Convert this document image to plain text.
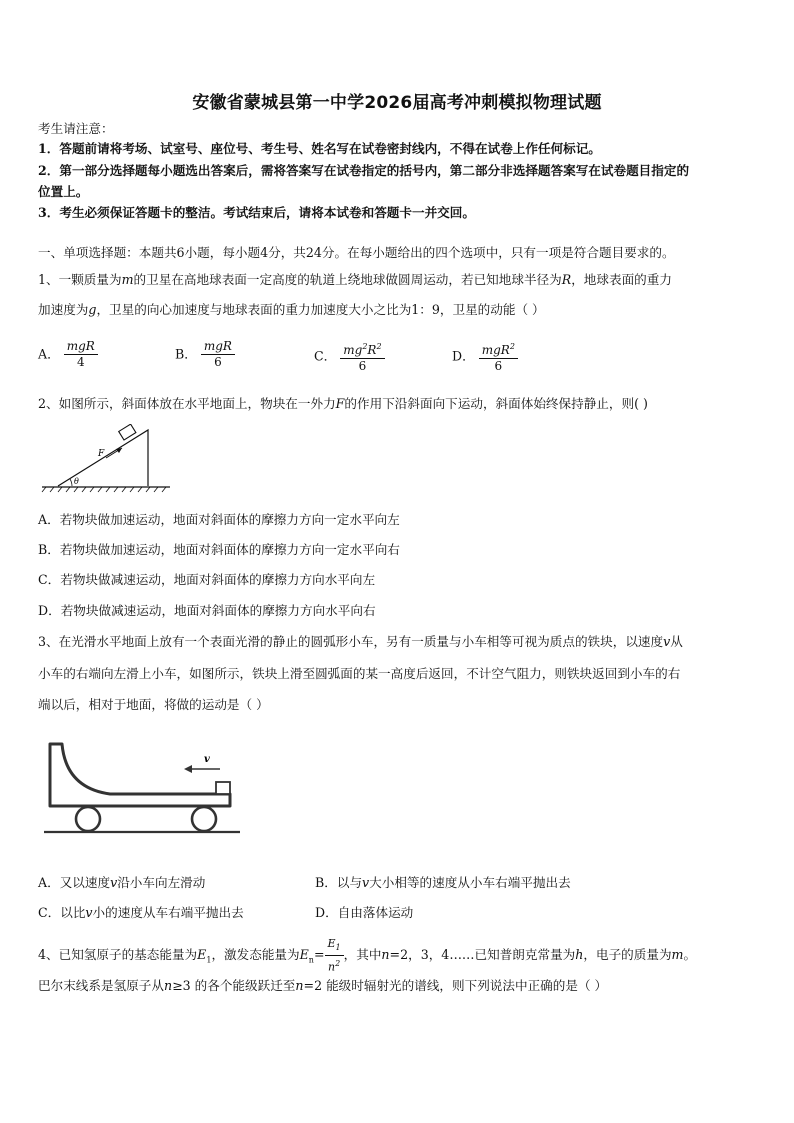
安徽省蒙城县第一中学2026届高考冲刺模拟物理试题
考生请注意：
1．答题前请将考场、试室号、座位号、考生号、姓名写在试卷密封线内，不得在试卷上作任何标记。
2．第一部分选择题每小题选出答案后，需将答案写在试卷指定的括号内，第二部分非选择题答案写在试卷题目指定的
位置上。
3．考生必须保证答题卡的整洁。考试结束后，请将本试卷和答题卡一并交回。
一、单项选择题：本题共6小题，每小题4分，共24分。在每小题给出的四个选项中，只有一项是符合题目要求的。
1、一颗质量为m的卫星在高地球表面一定高度的轨道上绕地球做圆周运动，若已知地球半径为R，地球表面的重力
加速度为g，卫星的向心加速度与地球表面的重力加速度大小之比为1：9，卫星的动能（ ）
A． $\frac{\text{mgR}}{4}$	B． $\frac{\text{mgR}}{6}$	C． $\frac{mg^2R^2}{6}$	D． $\frac{mgR^2}{6}$
2、如图所示，斜面体放在水平地面上，物块在一外力F的作用下沿斜面向下运动，斜面体始终保持静止，则( )
F
θ
A．若物块做加速运动，地面对斜面体的摩擦力方向一定水平向左
B．若物块做加速运动，地面对斜面体的摩擦力方向一定水平向右
C．若物块做减速运动，地面对斜面体的摩擦力方向水平向左
D．若物块做减速运动，地面对斜面体的摩擦力方向水平向右
3、在光滑水平地面上放有一个表面光滑的静止的圆弧形小车，另有一质量与小车相等可视为质点的铁块，以速度v从
小车的右端向左滑上小车，如图所示，铁块上滑至圆弧面的某一高度后返回，不计空气阻力，则铁块返回到小车的右
端以后，相对于地面，将做的运动是（ ）
v
A．又以速度v沿小车向左滑动	B．以与v大小相等的速度从小车右端平抛出去
C．以比v小的速度从车右端平抛出去	D．自由落体运动
4、已知氢原子的基态能量为$E_1$，激发态能量为$E_n= \frac{E_1}{n^2}$ ，其中n=2，3，4……已知普朗克常量为h，电子的质量为m。
巴尔末线系是氢原子从n≥3 的各个能级跃迁至n=2 能级时辐射光的谱线，则下列说法中正确的是（ ）
